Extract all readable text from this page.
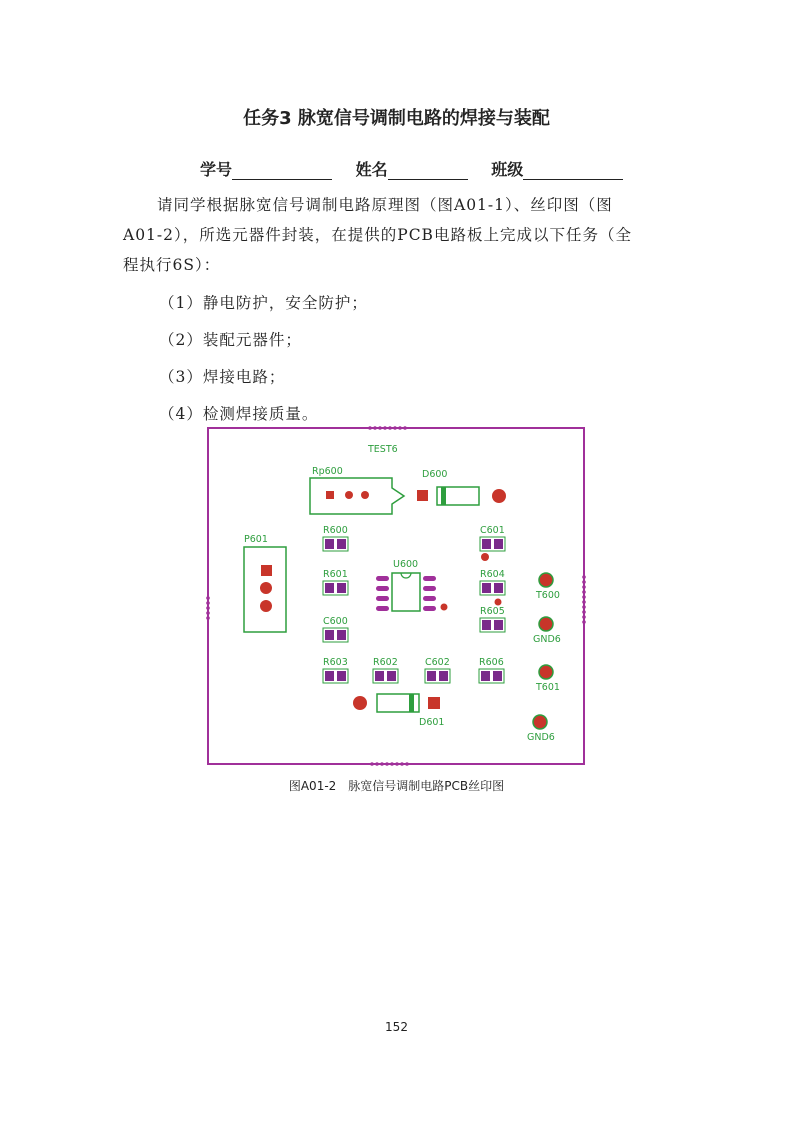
任务3 脉宽信号调制电路的焊接与装配
学号	姓名	班级

请同学根据脉宽信号调制电路原理图（图A01-1）、丝印图（图

A01-2），所选元器件封装，在提供的PCB电路板上完成以下任务（全

程执行6S）：

（1）静电防护，安全防护；
（2）装配元器件；
（3）焊接电路；
（4）检测焊接质量。
TEST6
Rp600	D600
P601
R600	C601
U600
R601	R604
R605
T600
C600
GND6
R603	R602	C602	R606
T601
D601
GND6
图A01-2　脉宽信号调制电路PCB丝印图
152
